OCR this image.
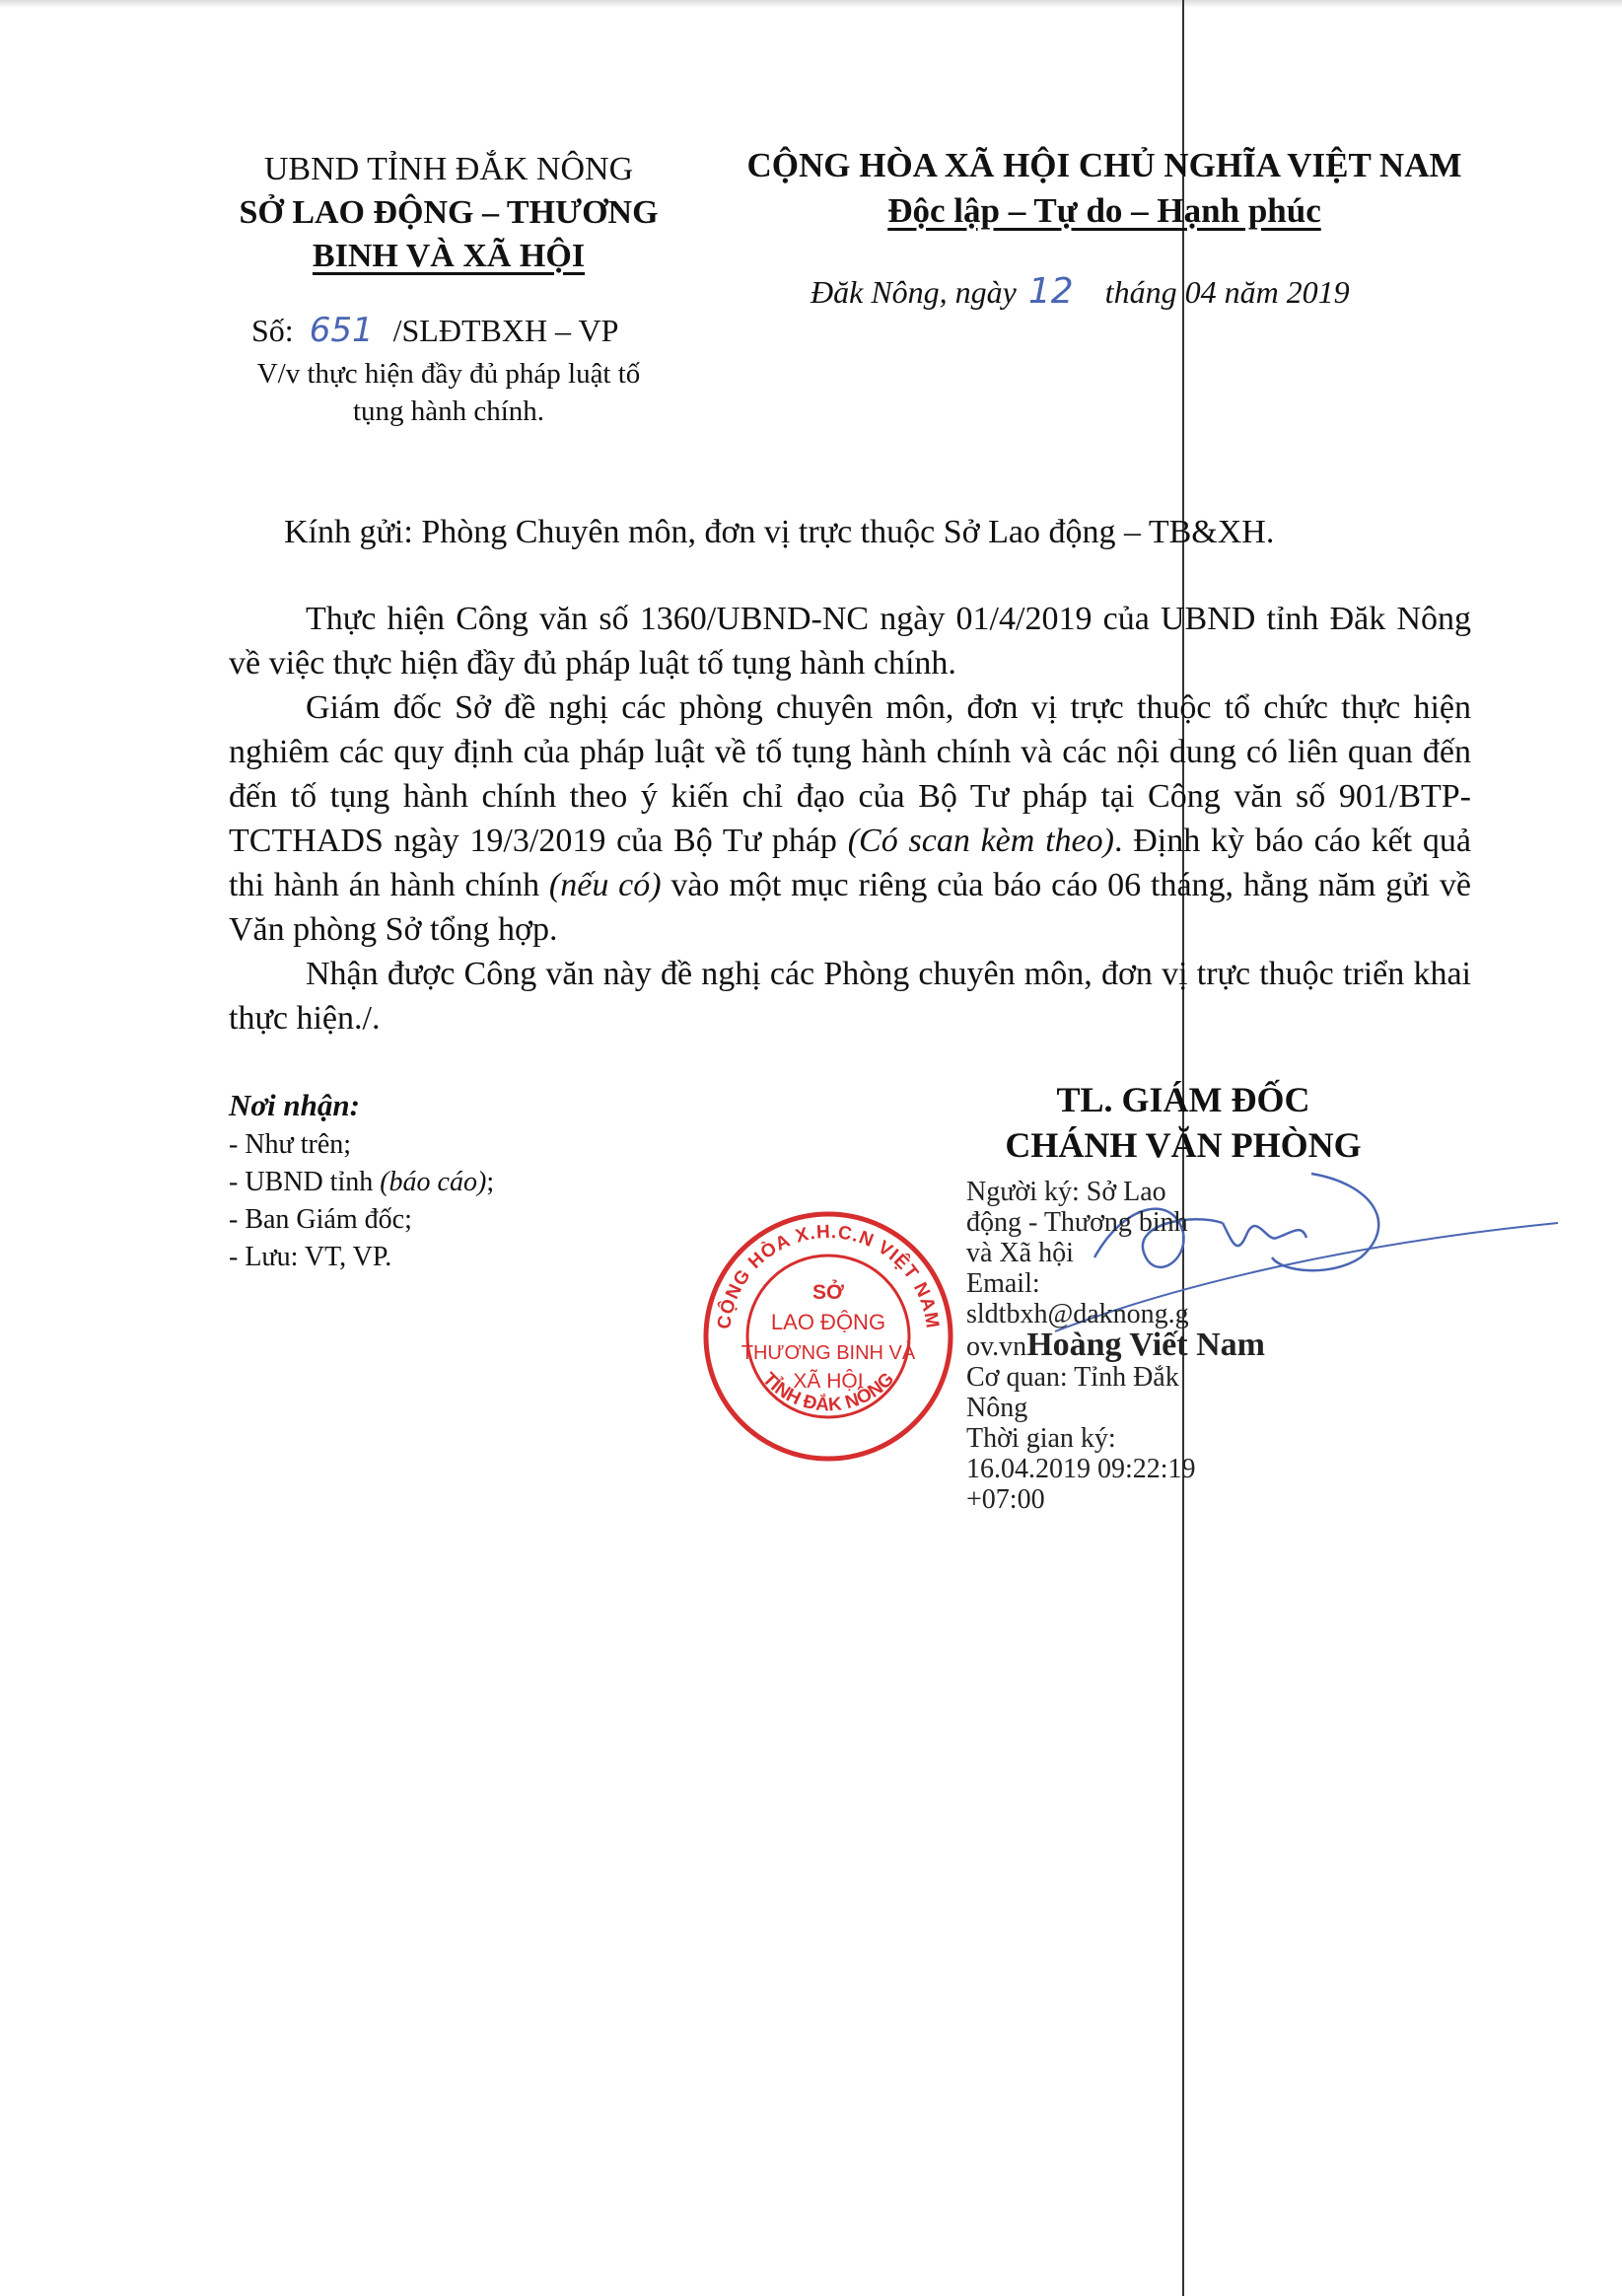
UBND TỈNH ĐẮK NÔNG
SỞ LAO ĐỘNG – THƯƠNG
BINH VÀ XÃ HỘI
Số: 651 /SLĐTBXH – VP
V/v thực hiện đầy đủ pháp luật tố
tụng hành chính.
CỘNG HÒA XÃ HỘI CHỦ NGHĨA VIỆT NAM
Độc lập – Tự do – Hạnh phúc
Đăk Nông, ngày 12 tháng 04 năm 2019
Kính gửi: Phòng Chuyên môn, đơn vị trực thuộc Sở Lao động – TB&XH.

Thực hiện Công văn số 1360/UBND-NC ngày 01/4/2019 của UBND tỉnh Đăk Nông về việc thực hiện đầy đủ pháp luật tố tụng hành chính.

Giám đốc Sở đề nghị các phòng chuyên môn, đơn vị trực thuộc tổ chức thực hiện nghiêm các quy định của pháp luật về tố tụng hành chính và các nội dung có liên quan đến đến tố tụng hành chính theo ý kiến chỉ đạo của Bộ Tư pháp tại Công văn số 901/BTP-TCTHADS ngày 19/3/2019 của Bộ Tư pháp (Có scan kèm theo). Định kỳ báo cáo kết quả thi hành án hành chính (nếu có) vào một mục riêng của báo cáo 06 tháng, hằng năm gửi về Văn phòng Sở tổng hợp.

Nhận được Công văn này đề nghị các Phòng chuyên môn, đơn vị trực thuộc triển khai thực hiện./.

Nơi nhận:
- Như trên;
- UBND tỉnh (báo cáo);
- Ban Giám đốc;
- Lưu: VT, VP.
TL. GIÁM ĐỐC
CHÁNH VĂN PHÒNG
Người ký: Sở Lao
động - Thương binh
và Xã hội
Email:
sldtbxh@daknong.g
ov.vnHoàng Viết Nam
Cơ quan: Tỉnh Đắk
Nông
Thời gian ký:
16.04.2019 09:22:19
+07:00
CỘNG HÒA X.H.C.N VIỆT NAM
TỈNH ĐẮK NÔNG
SỞ
LAO ĐỘNG
THƯƠNG BINH VÀ
XÃ HỘI
